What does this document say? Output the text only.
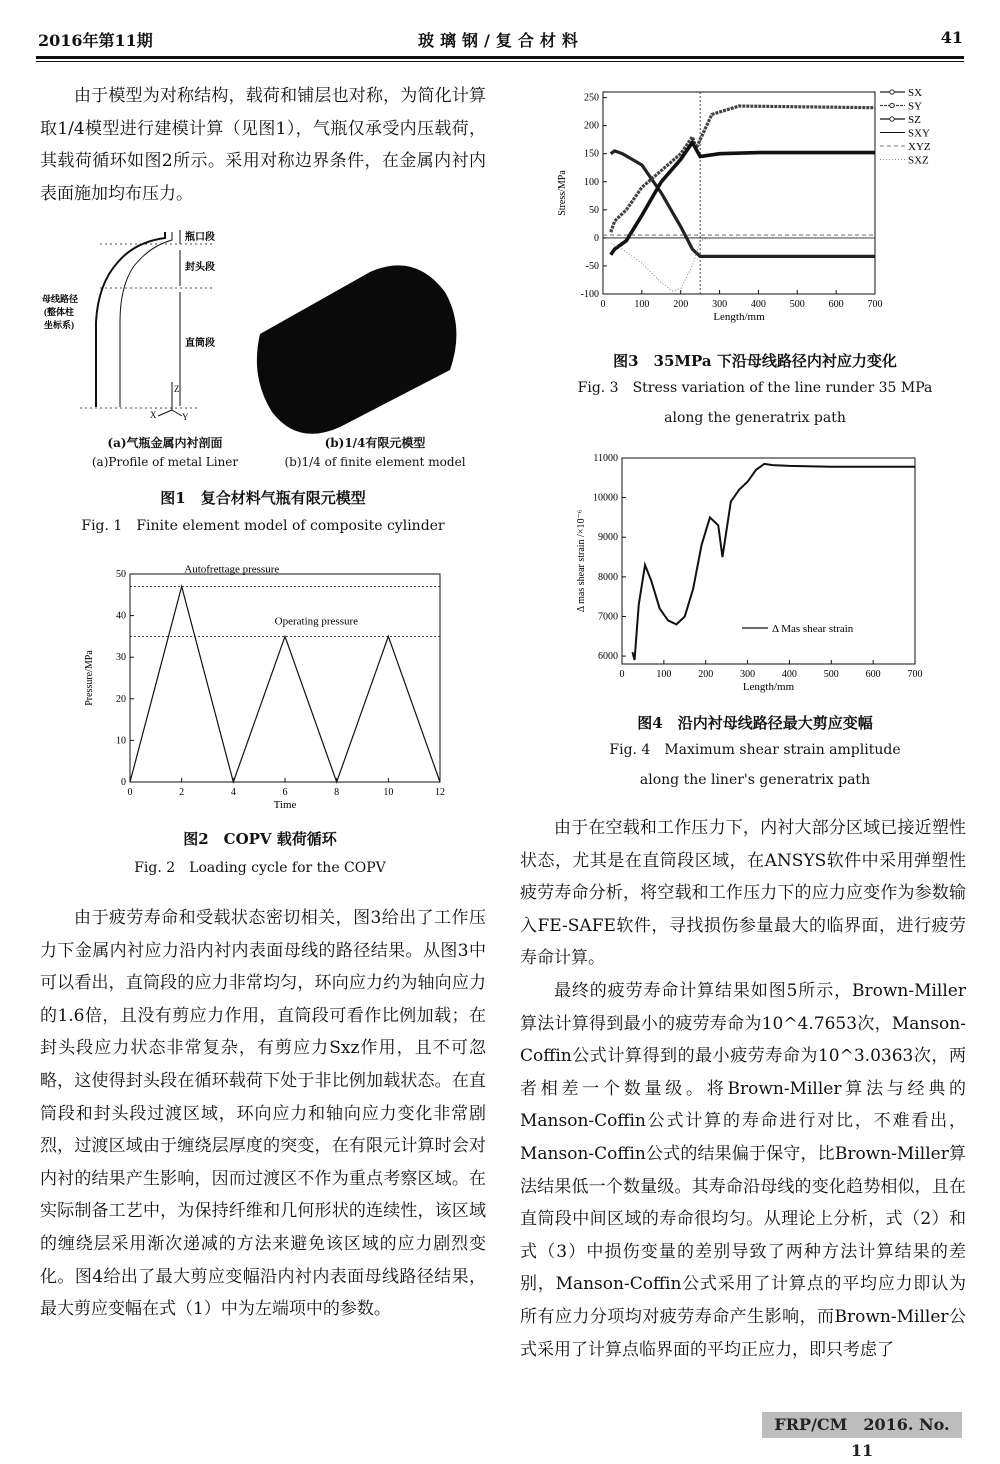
2016年第11期	玻璃钢/复合材料	41

由于模型为对称结构，载荷和铺层也对称，为简化计算取1/4模型进行建模计算（见图1），气瓶仅承受内压载荷，其载荷循环如图2所示。采用对称边界条件，在金属内衬内表面施加均布压力。

瓶口段
封头段
直筒段
母线路径
(整体柱
坐标系)
Z
X	Y
(a)气瓶金属内衬剖面
(a)Profile of metal Liner
(b)1/4有限元模型
(b)1/4 of finite element model
图1　复合材料气瓶有限元模型
Fig. 1　Finite element model of composite cylinder
0	2	4	6	8	10	12
0
10
20
30
40
50
Time
Pressure/MPa
Autofrettage pressure
Operating pressure
图2　COPV 载荷循环
Fig. 2　Loading cycle for the COPV

由于疲劳寿命和受载状态密切相关，图3给出了工作压力下金属内衬应力沿内衬内表面母线的路径结果。从图3中可以看出，直筒段的应力非常均匀，环向应力约为轴向应力的1.6倍，且没有剪应力作用，直筒段可看作比例加载；在封头段应力状态非常复杂，有剪应力Sxz作用，且不可忽略，这使得封头段在循环载荷下处于非比例加载状态。在直筒段和封头段过渡区域，环向应力和轴向应力变化非常剧烈，过渡区域由于缠绕层厚度的突变，在有限元计算时会对内衬的结果产生影响，因而过渡区不作为重点考察区域。在实际制备工艺中，为保持纤维和几何形状的连续性，该区域的缠绕层采用渐次递减的方法来避免该区域的应力剧烈变化。图4给出了最大剪应变幅沿内衬内表面母线路径结果，最大剪应变幅在式（1）中为左端项中的参数。

0	100 200 300 400 500 600 700
-100
-50
0
50
100
150
200
250
Length/mm
Stress/MPa
SX
SY
SZ
SXY
XYZ
SXZ
图3　35MPa 下沿母线路径内衬应力变化
Fig. 3　Stress variation of the line runder 35 MPa
along the generatrix path
0	100	200	300	400	500	600	700
6000
7000
8000
9000
10000
11000
Length/mm
Δ mas shear strain /×10⁻⁶
Δ Mas shear strain
图4　沿内衬母线路径最大剪应变幅
Fig. 4　Maximum shear strain amplitude
along the liner's generatrix path

由于在空载和工作压力下，内衬大部分区域已接近塑性状态，尤其是在直筒段区域，在ANSYS软件中采用弹塑性疲劳寿命分析，将空载和工作压力下的应力应变作为参数输入FE-SAFE软件，寻找损伤参量最大的临界面，进行疲劳寿命计算。

最终的疲劳寿命计算结果如图5所示，Brown-Miller算法计算得到最小的疲劳寿命为10^4.7653次，Manson-Coffin公式计算得到的最小疲劳寿命为10^3.0363次，两者相差一个数量级。将Brown-Miller算法与经典的Manson-Coffin公式计算的寿命进行对比，不难看出，Manson-Coffin公式的结果偏于保守，比Brown-Miller算法结果低一个数量级。其寿命沿母线的变化趋势相似，且在直筒段中间区域的寿命很均匀。从理论上分析，式（2）和式（3）中损伤变量的差别导致了两种方法计算结果的差别，Manson-Coffin公式采用了计算点的平均应力即认为所有应力分项均对疲劳寿命产生影响，而Brown-Miller公式采用了计算点临界面的平均正应力，即只考虑了

FRP/CM　2016. No. 11
